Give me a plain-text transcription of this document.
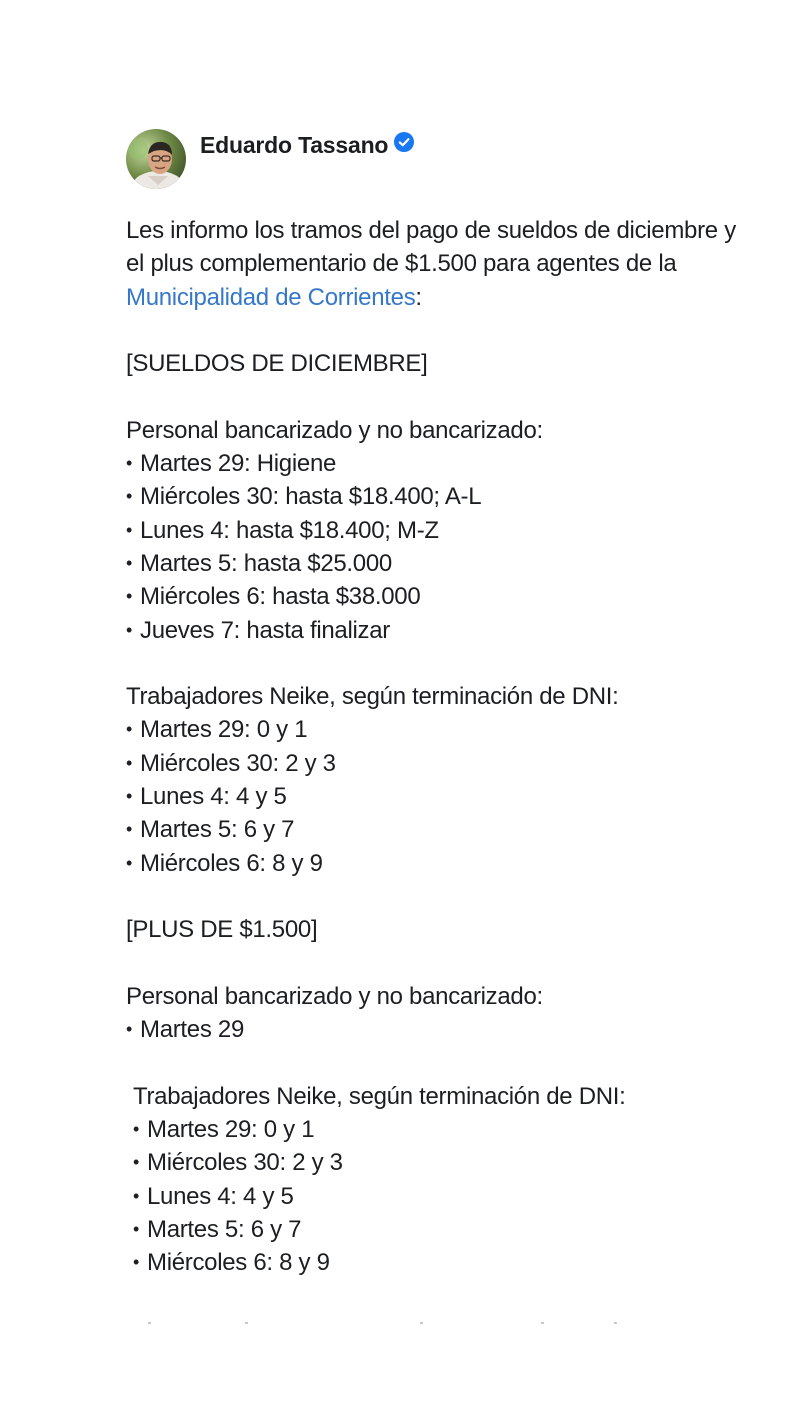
Eduardo Tassano

Les informo los tramos del pago de sueldos de diciembre y el plus complementario de $1.500 para agentes de la Municipalidad de Corrientes:

[SUELDOS DE DICIEMBRE]
Personal bancarizado y no bancarizado:
• Martes 29: Higiene
• Miércoles 30: hasta $18.400; A-L
• Lunes 4: hasta $18.400; M-Z
• Martes 5: hasta $25.000
• Miércoles 6: hasta $38.000
• Jueves 7: hasta finalizar
Trabajadores Neike, según terminación de DNI:
• Martes 29: 0 y 1
• Miércoles 30: 2 y 3
• Lunes 4: 4 y 5
• Martes 5: 6 y 7
• Miércoles 6: 8 y 9
[PLUS DE $1.500]
Personal bancarizado y no bancarizado:
• Martes 29
Trabajadores Neike, según terminación de DNI:
• Martes 29: 0 y 1
• Miércoles 30: 2 y 3
• Lunes 4: 4 y 5
• Martes 5: 6 y 7
• Miércoles 6: 8 y 9
